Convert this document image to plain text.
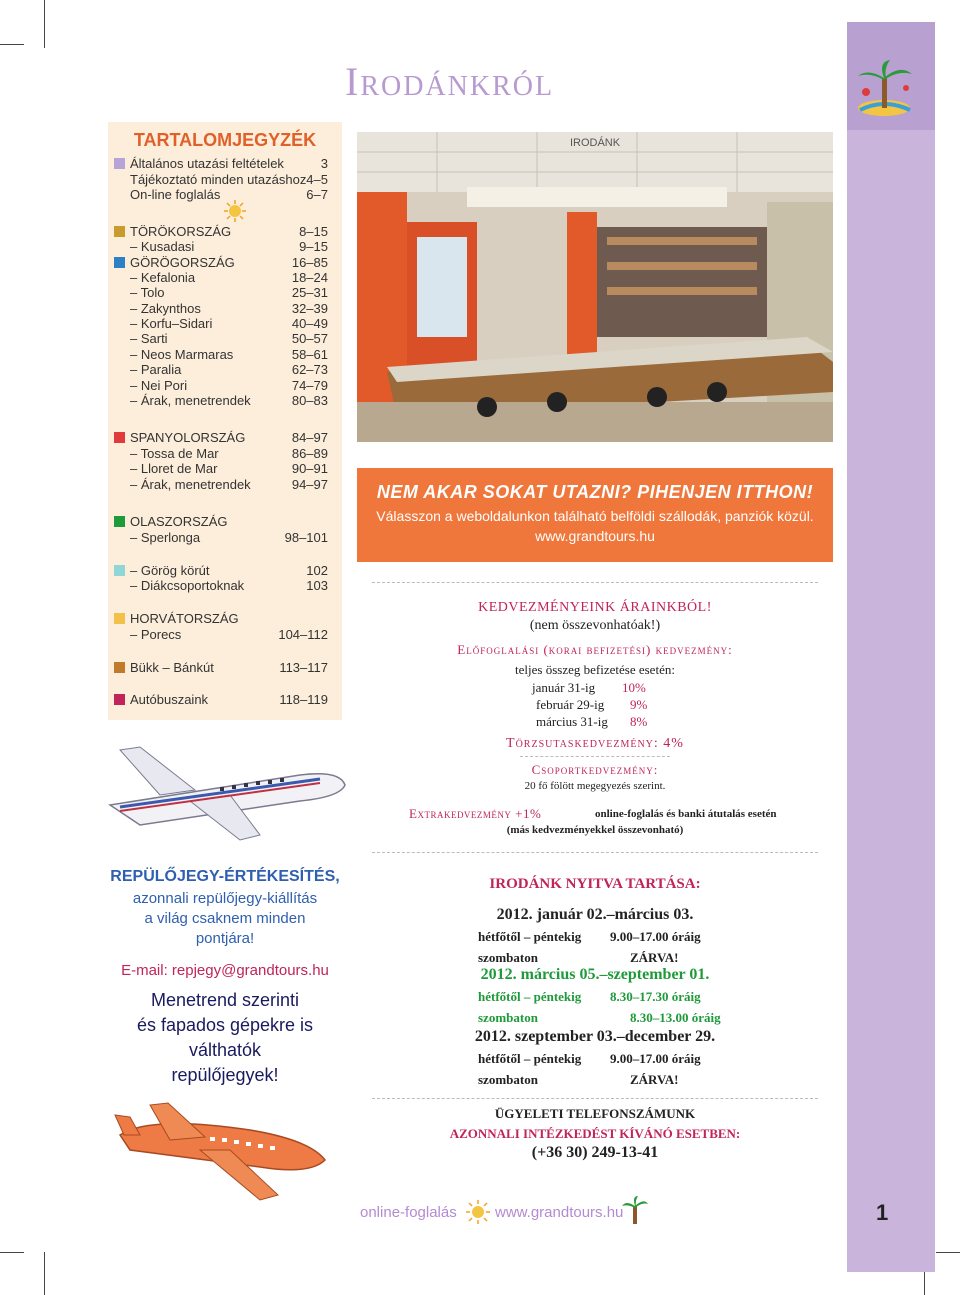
Irodánkról
TARTALOMJEGYZÉK
Általános utazási feltételek	3
Tájékoztató minden utazáshoz 4–5
On-line foglalás	6–7
TÖRÖKORSZÁG	8–15
– Kusadasi	9–15
GÖRÖGORSZÁG	16–85
– Kefalonia	18–24
– Tolo	25–31
– Zakynthos	32–39
– Korfu–Sidari	40–49
– Sarti	50–57
– Neos Marmaras	58–61
– Paralia	62–73
– Nei Pori	74–79
– Árak, menetrendek	80–83
SPANYOLORSZÁG	84–97
– Tossa de Mar	86–89
– Lloret de Mar	90–91
– Árak, menetrendek	94–97
OLASZORSZÁG
– Sperlonga	98–101
– Görög körút	102
– Diákcsoportoknak	103
HORVÁTORSZÁG
– Porecs	104–112
Bükk – Bánkút	113–117
Autóbuszaink	118–119
REPÜLŐJEGY-ÉRTÉKESÍTÉS,
azonnali repülőjegy-kiállítás
a világ csaknem minden
pontjára!
E-mail: repjegy@grandtours.hu
Menetrend szerinti
és fapados gépekre is
válthatók
repülőjegyek!
IRODÁNK
NEM AKAR SOKAT UTAZNI? PIHENJEN ITTHON!
Válasszon a weboldalunkon található belföldi szállodák, panziók közül.
www.grandtours.hu
KEDVEZMÉNYEINK ÁRAINKBÓL!
(nem összevonhatóak!)
Előfoglalási (korai befizetési) kedvezmény:
teljes összeg befizetése esetén:
január 31-ig 10%
február 29-ig 9%
március 31-ig 8%
Törzsutaskedvezmény: 4%
Csoportkedvezmény:
20 fő fölött megegyezés szerint.
Extrakedvezmény +1%	online-foglalás és banki átutalás esetén
(más kedvezményekkel összevonható)
IRODÁNK NYITVA TARTÁSA:
2012. január 02.–március 03.
hétfőtől – péntekig 9.00–17.00 óráig
szombaton	ZÁRVA!
2012. március 05.–szeptember 01.
hétfőtől – péntekig 8.30–17.30 óráig
szombaton	8.30–13.00 óráig
2012. szeptember 03.–december 29.
hétfőtől – péntekig 9.00–17.00 óráig
szombaton	ZÁRVA!
ÜGYELETI TELEFONSZÁMUNK
AZONNALI INTÉZKEDÉST KÍVÁNÓ ESETBEN:
(+36 30) 249-13-41
online-foglalás	www.grandtours.hu	1
